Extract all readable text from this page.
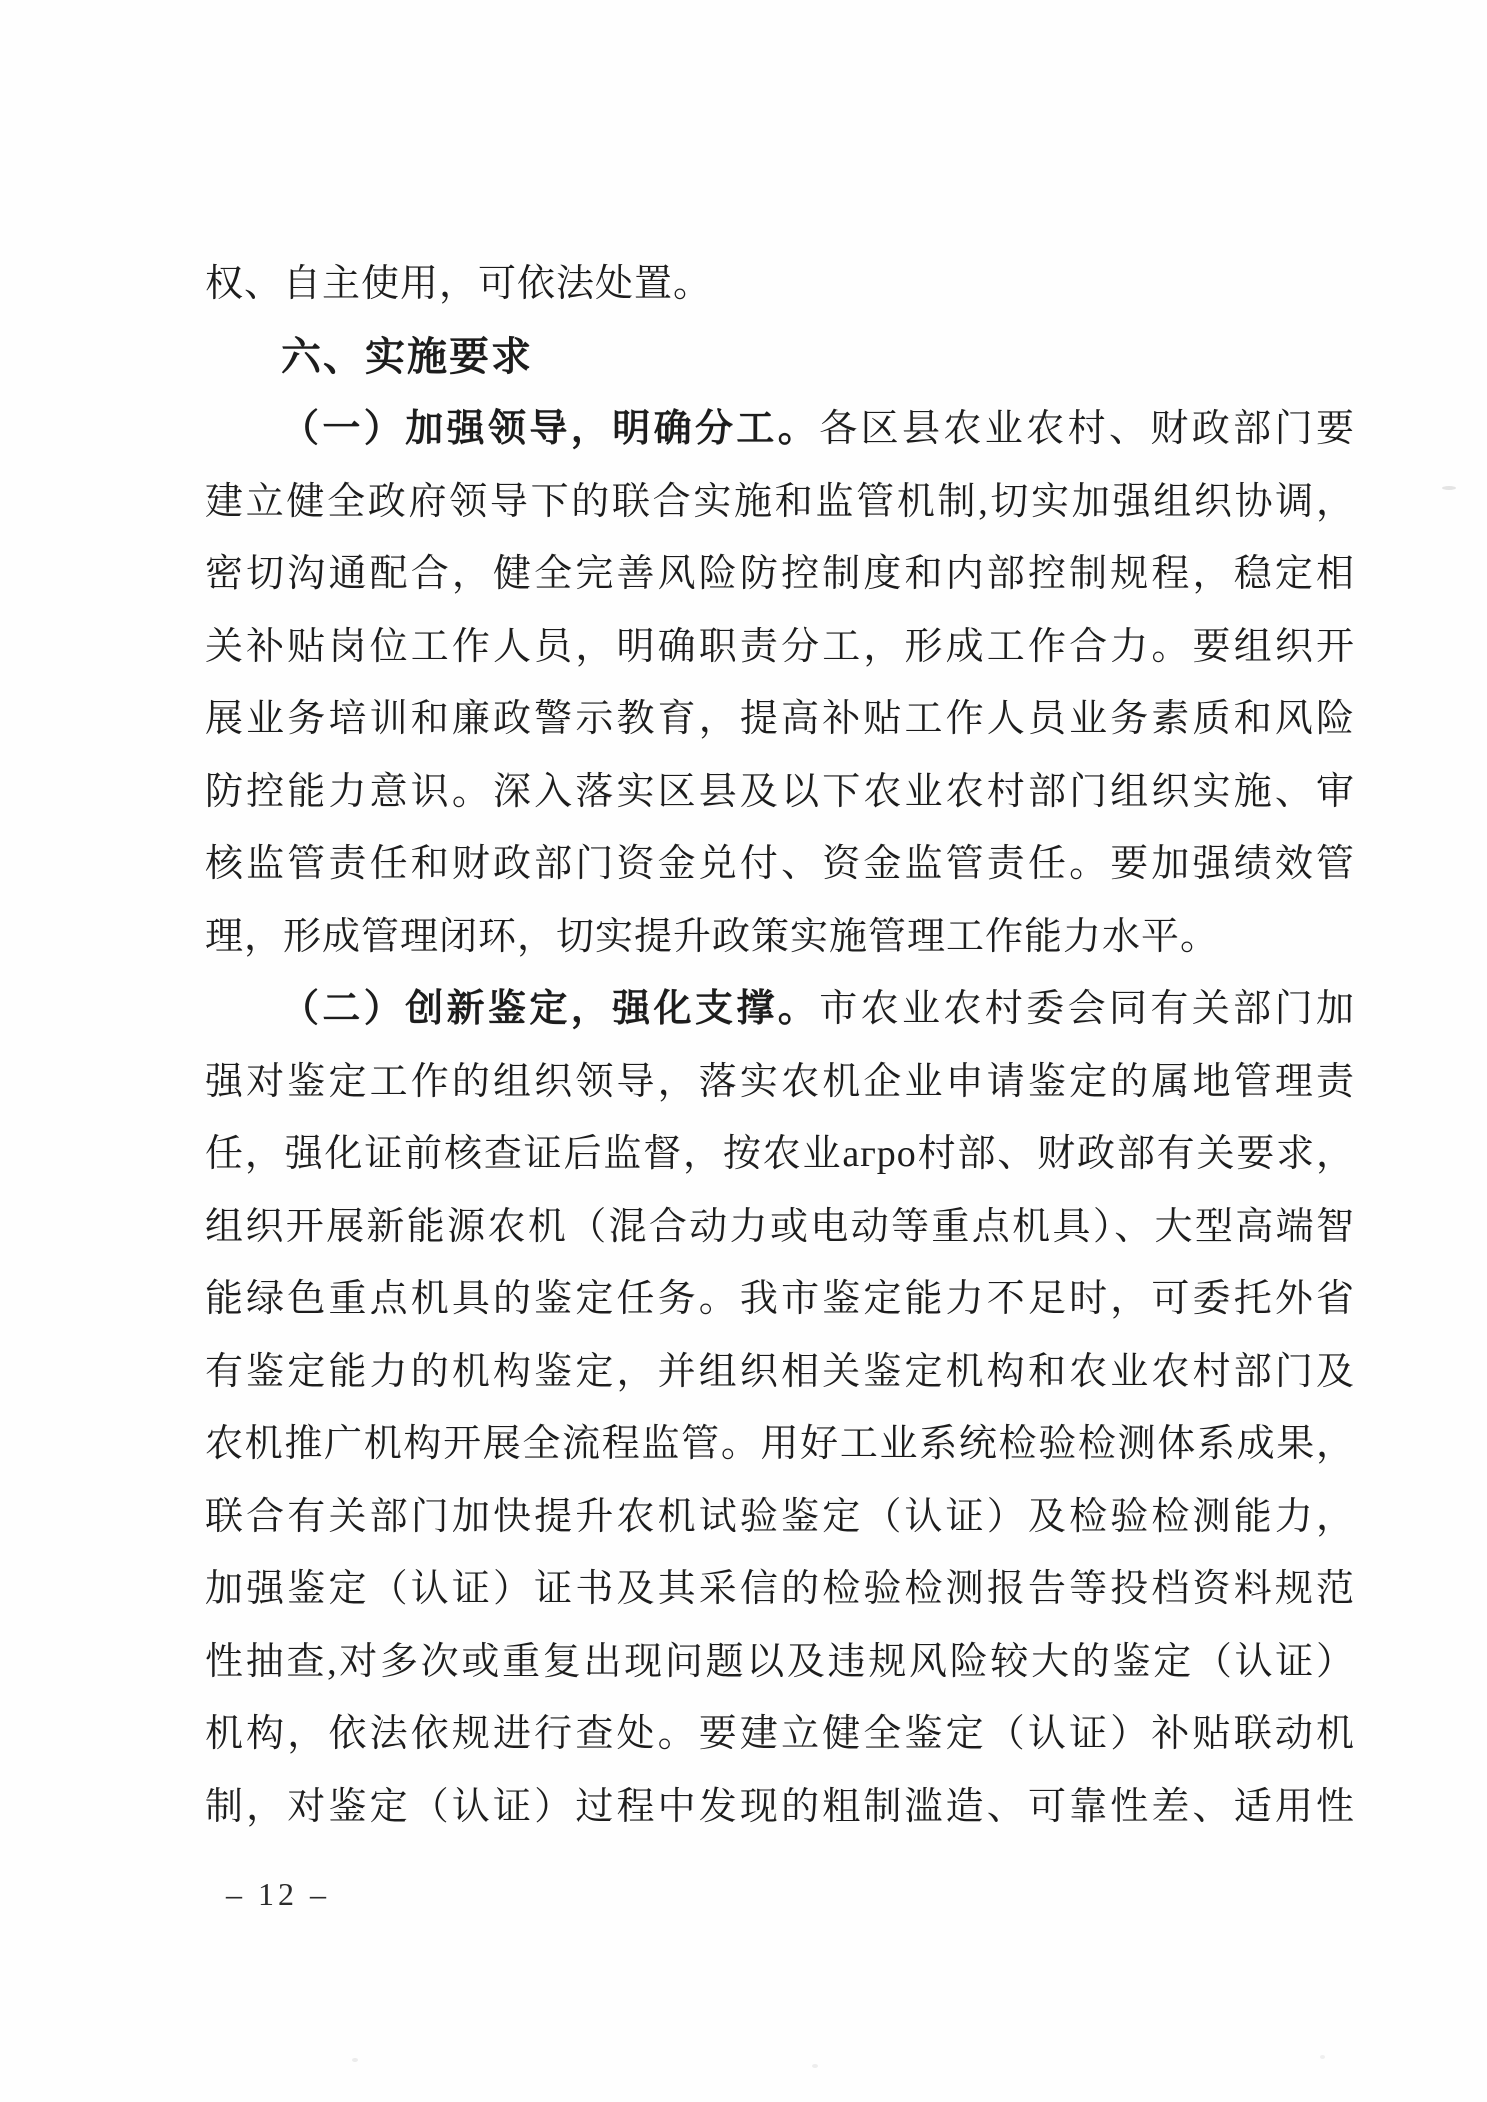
权、自主使用，可依法处置。
六、实施要求
（一）加强领导，明确分工。各区县农业农村、财政部门要
建立健全政府领导下的联合实施和监管机制,切实加强组织协调，
密切沟通配合，健全完善风险防控制度和内部控制规程，稳定相
关补贴岗位工作人员，明确职责分工，形成工作合力。要组织开
展业务培训和廉政警示教育，提高补贴工作人员业务素质和风险
防控能力意识。深入落实区县及以下农业农村部门组织实施、审
核监管责任和财政部门资金兑付、资金监管责任。要加强绩效管
理，形成管理闭环，切实提升政策实施管理工作能力水平。
（二）创新鉴定，强化支撑。市农业农村委会同有关部门加
强对鉴定工作的组织领导，落实农机企业申请鉴定的属地管理责
任，强化证前核查证后监督，按农业агро村部、财政部有关要求，
组织开展新能源农机（混合动力或电动等重点机具）、大型高端智
能绿色重点机具的鉴定任务。我市鉴定能力不足时，可委托外省
有鉴定能力的机构鉴定，并组织相关鉴定机构和农业农村部门及
农机推广机构开展全流程监管。用好工业系统检验检测体系成果，
联合有关部门加快提升农机试验鉴定（认证）及检验检测能力，
加强鉴定（认证）证书及其采信的检验检测报告等投档资料规范
性抽查,对多次或重复出现问题以及违规风险较大的鉴定（认证）
机构，依法依规进行查处。要建立健全鉴定（认证）补贴联动机
制，对鉴定（认证）过程中发现的粗制滥造、可靠性差、适用性
– 12 –
